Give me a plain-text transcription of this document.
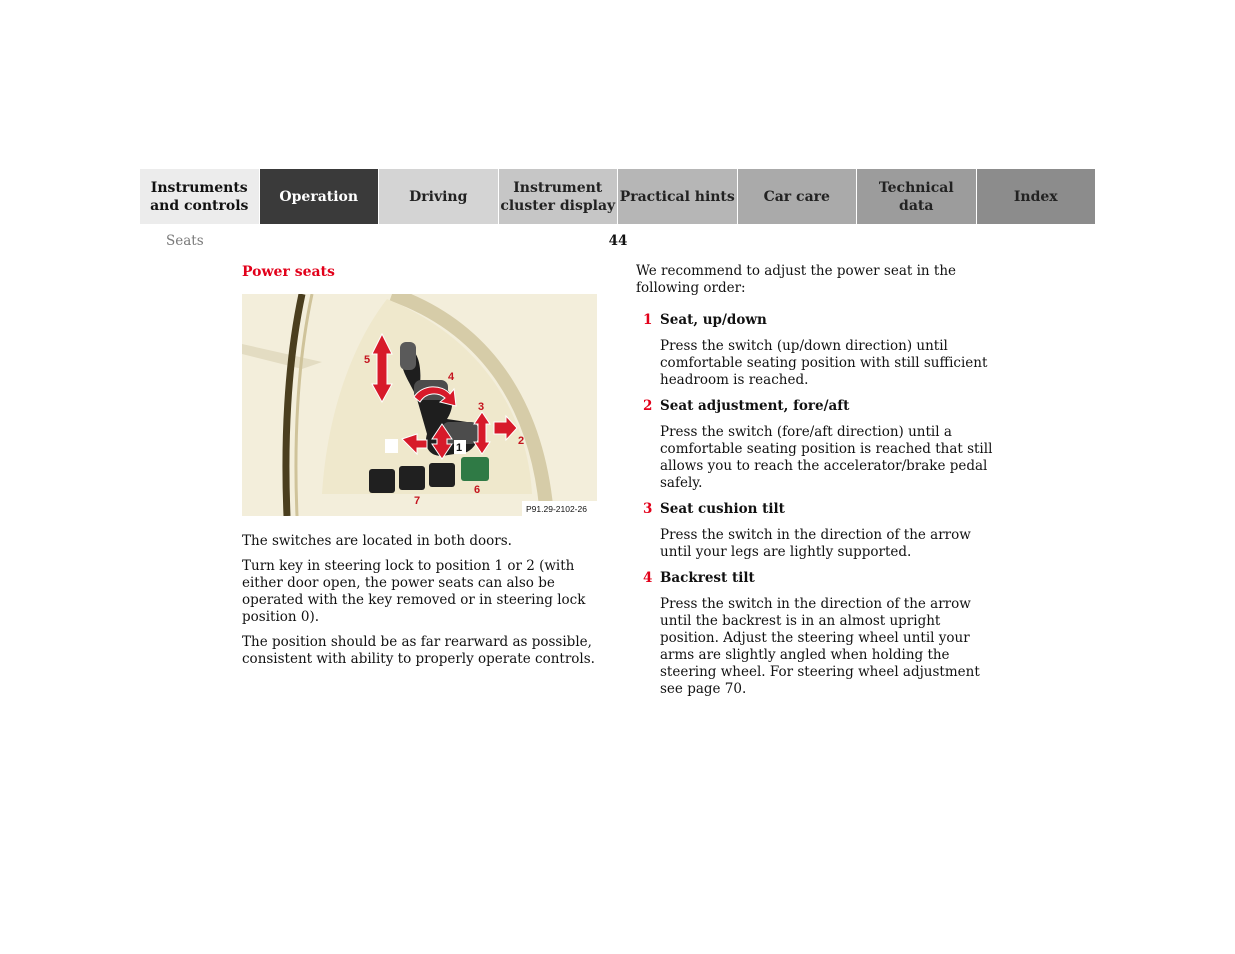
Instruments
and controls
Operation	Driving
Instrument
cluster display
Practical hints	Car care
Technical
data
Index
Seats	44
Power seats
5
4
3
2
1
6
7
P91.29-2102-26

The switches are located in both doors.

Turn key in steering lock to position 1 or 2 (with either door open, the power seats can also be operated with the key removed or in steering lock position 0).

The position should be as far rearward as possible, consistent with ability to properly operate controls.

We recommend to adjust the power seat in the following order:

1 Seat, up/down

Press the switch (up/down direction) until comfortable seating position with still sufficient headroom is reached.

2 Seat adjustment, fore/aft

Press the switch (fore/aft direction) until a comfortable seating position is reached that still allows you to reach the accelerator/brake pedal safely.

3 Seat cushion tilt

Press the switch in the direction of the arrow until your legs are lightly supported.

4 Backrest tilt

Press the switch in the direction of the arrow until the backrest is in an almost upright position. Adjust the steering wheel until your arms are slightly angled when holding the steering wheel. For steering wheel adjustment see page 70.
